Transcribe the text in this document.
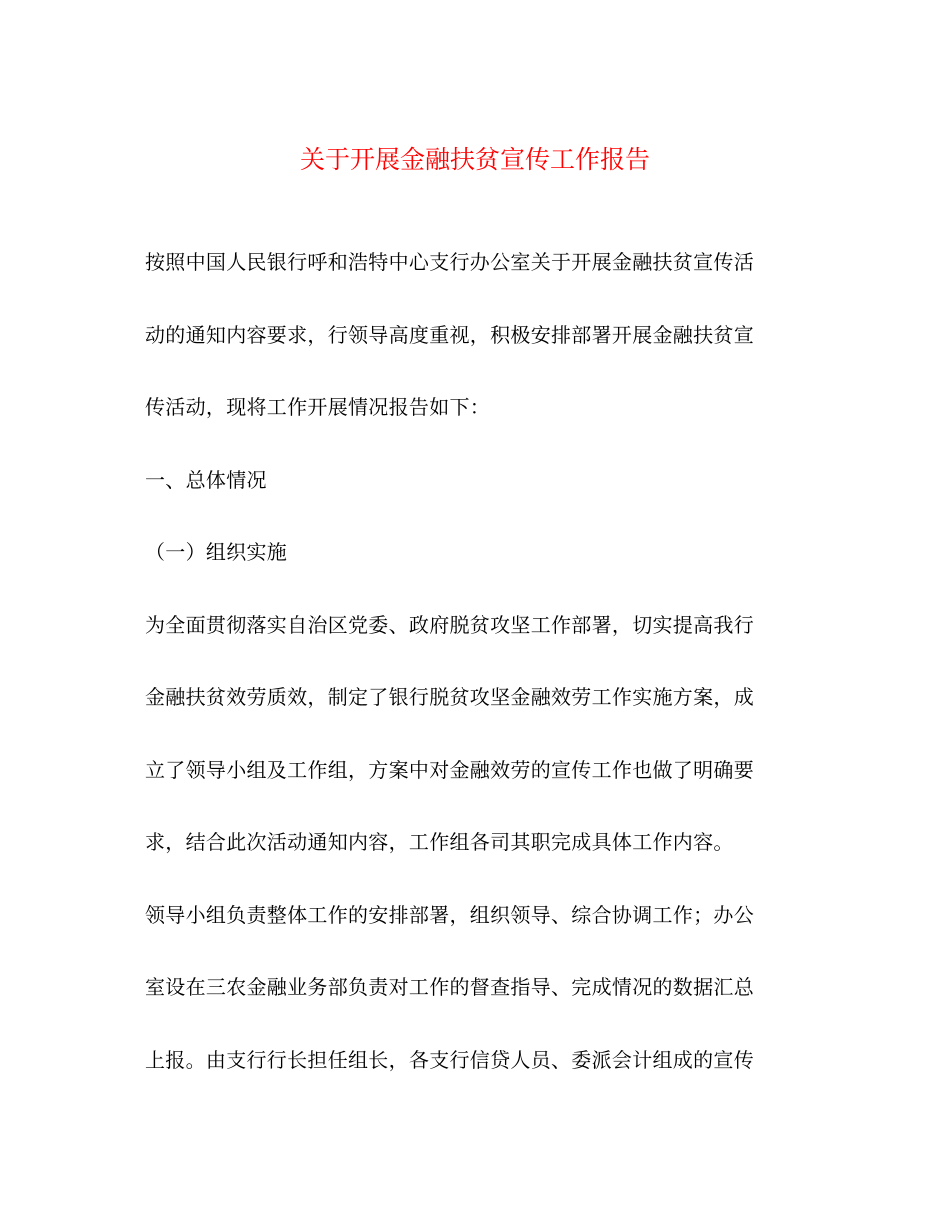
关于开展金融扶贫宣传工作报告
按照中国人民银行呼和浩特中心支行办公室关于开展金融扶贫宣传活
动的通知内容要求，行领导高度重视，积极安排部署开展金融扶贫宣
传活动，现将工作开展情况报告如下：
一、总体情况
（一）组织实施
为全面贯彻落实自治区党委、政府脱贫攻坚工作部署，切实提高我行
金融扶贫效劳质效，制定了银行脱贫攻坚金融效劳工作实施方案，成
立了领导小组及工作组，方案中对金融效劳的宣传工作也做了明确要
求，结合此次活动通知内容，工作组各司其职完成具体工作内容。
领导小组负责整体工作的安排部署，组织领导、综合协调工作；办公
室设在三农金融业务部负责对工作的督查指导、完成情况的数据汇总
上报。由支行行长担任组长，各支行信贷人员、委派会计组成的宣传
